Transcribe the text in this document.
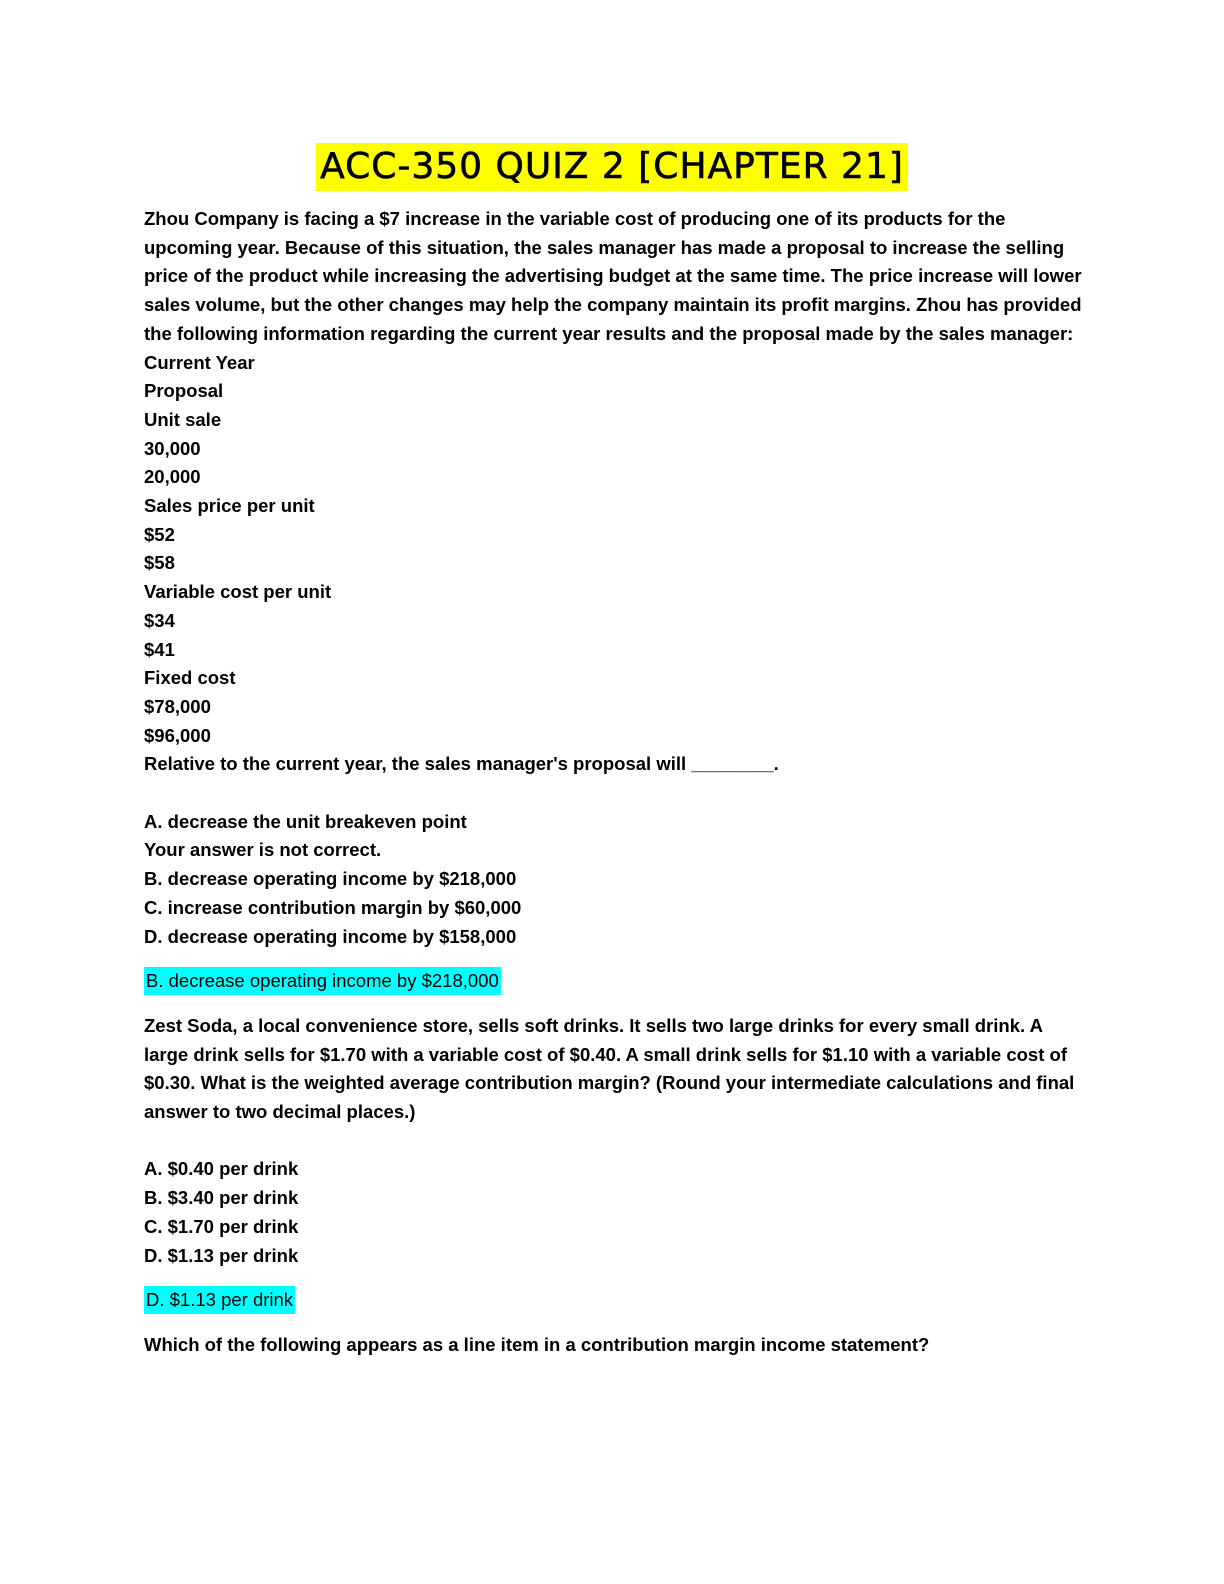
ACC-350 QUIZ 2 [CHAPTER 21]
Zhou Company is facing a $7 increase in the variable cost of producing one of its products for the upcoming year. Because of this situation, the sales manager has made a proposal to increase the selling price of the product while increasing the advertising budget at the same time. The price increase will lower sales volume, but the other changes may help the company maintain its profit margins. Zhou has provided the following information regarding the current year results and the proposal made by the sales manager:
Current Year
Proposal
Unit sale
30,000
20,000
Sales price per unit
$52
$58
Variable cost per unit
$34
$41
Fixed cost
$78,000
$96,000
Relative to the current year, the sales manager's proposal will ________.
A. decrease the unit breakeven point
Your answer is not correct.
B. decrease operating income by $218,000
C. increase contribution margin by $60,000
D. decrease operating income by $158,000
B. decrease operating income by $218,000
Zest Soda, a local convenience store, sells soft drinks. It sells two large drinks for every small drink. A large drink sells for $1.70 with a variable cost of $0.40. A small drink sells for $1.10 with a variable cost of $0.30. What is the weighted average contribution margin? (Round your intermediate calculations and final answer to two decimal places.)
A. $0.40 per drink
B. $3.40 per drink
C. $1.70 per drink
D. $1.13 per drink
D. $1.13 per drink
Which of the following appears as a line item in a contribution margin income statement?
